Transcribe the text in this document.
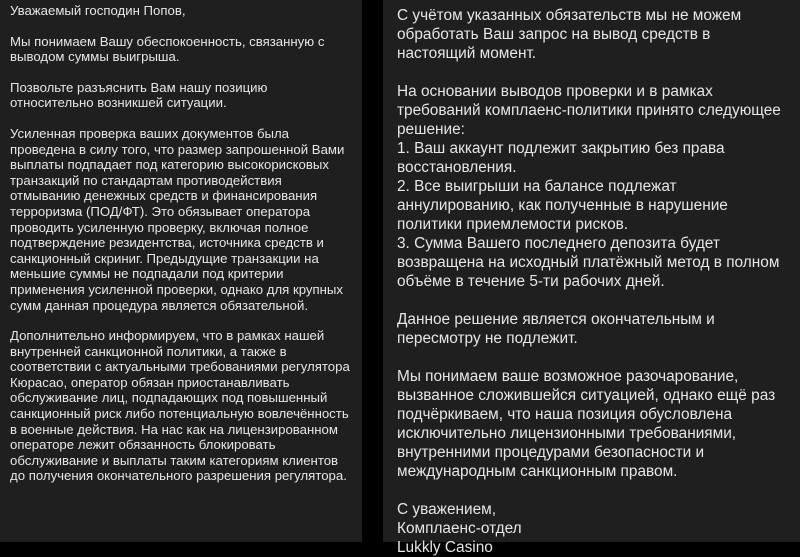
Уважаемый господин Попов,

Мы понимаем Вашу обеспокоенность, связанную с выводом суммы выигрыша.

Позвольте разъяснить Вам нашу позицию относительно возникшей ситуации.

Усиленная проверка ваших документов была проведена в силу того, что размер запрошенной Вами выплаты подпадает под категорию высокорисковых транзакций по стандартам противодействия отмыванию денежных средств и финансирования терроризма (ПОД/ФТ). Это обязывает оператора проводить усиленную проверку, включая полное подтверждение резидентства, источника средств и санкционный скриниг. Предыдущие транзакции на меньшие суммы не подпадали под критерии применения усиленной проверки, однако для крупных сумм данная процедура является обязательной.

Дополнительно информируем, что в рамках нашей внутренней санкционной политики, а также в соответствии с актуальными требованиями регулятора Кюрасао, оператор обязан приостанавливать обслуживание лиц, подпадающих под повышенный санкционный риск либо потенциальную вовлечённость в военные действия. На нас как на лицензированном операторе лежит обязанность блокировать обслуживание и выплаты таким категориям клиентов до получения окончательного разрешения регулятора.

С учётом указанных обязательств мы не можем обработать Ваш запрос на вывод средств в настоящий момент.

На основании выводов проверки и в рамках требований комплаенс-политики принято следующее решение:
1. Ваш аккаунт подлежит закрытию без права восстановления.
2. Все выигрыши на балансе подлежат аннулированию, как полученные в нарушение политики приемлемости рисков.
3. Сумма Вашего последнего депозита будет возвращена на исходный платёжный метод в полном объёме в течение 5-ти рабочих дней.

Данное решение является окончательным и пересмотру не подлежит.

Мы понимаем ваше возможное разочарование, вызванное сложившейся ситуацией, однако ещё раз подчёркиваем, что наша позиция обусловлена исключительно лицензионными требованиями, внутренними процедурами безопасности и международным санкционным правом.

С уважением,
Комплаенс-отдел
Lukkly Casino
